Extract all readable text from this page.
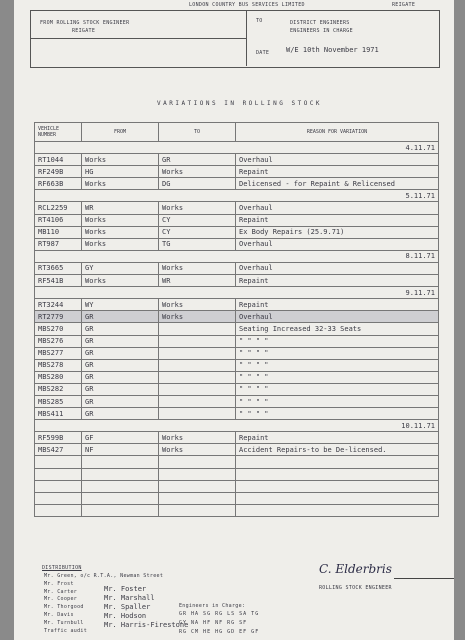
LONDON COUNTRY BUS SERVICES LIMITED	REIGATE
FROM ROLLING STOCK ENGINEER
REIGATE
TO	DISTRICT ENGINEERS
ENGINEERS IN CHARGE
DATE W/E 10th November 1971
VARIATIONS IN ROLLING STOCK
VEHICLE NUMBER	FROM	TO	REASON FOR VARIATION
4.11.71			
RT1044	Works	GR	Overhaul
RF249B	HG	Works	Repaint
RF663B	Works	DG	Delicensed - for Repaint & Relicensed
5.11.71			
RCL2259	WR	Works	Overhaul
RT4106	Works	CY	Repaint
MB110	Works	CY	Ex Body Repairs (25.9.71)
RT987	Works	TG	Overhaul
8.11.71			
RT3665	GY	Works	Overhaul
RF541B	Works	WR	Repaint
9.11.71			
RT3244	WY	Works	Repaint
RT2779	GR	Works	Overhaul
MBS270	GR		Seating Increased 32-33 Seats
MBS276	GR		" " " "
MBS277	GR		" " " "
MBS278	GR		" " " "
MBS280	GR		" " " "
MBS282	GR		" " " "
MBS285	GR		" " " "
MBS411	GR		" " " "
10.11.71			
RF599B	GF	Works	Repaint
MBS427	NF	Works	Accident Repairs-to be De-licensed.

DISTRIBUTION
Mr. Green, o/c R.T.A., Newman Street
Mr. Frost
Mr. Carter
Mr. Cooper
Mr. Thorgood
Mr. Davis
Mr. Turnbull
Traffic audit
Mr. Foster
Mr. Marshall
Mr. Spaller
Mr. Hodson
Mr. Harris-Firestone
Engineers in Charge:
GR HA SG RG LS SA TG
GY NA HF NF RG SF
RG CM HE HG GD EF GF
C. Elderbris
ROLLING STOCK ENGINEER
